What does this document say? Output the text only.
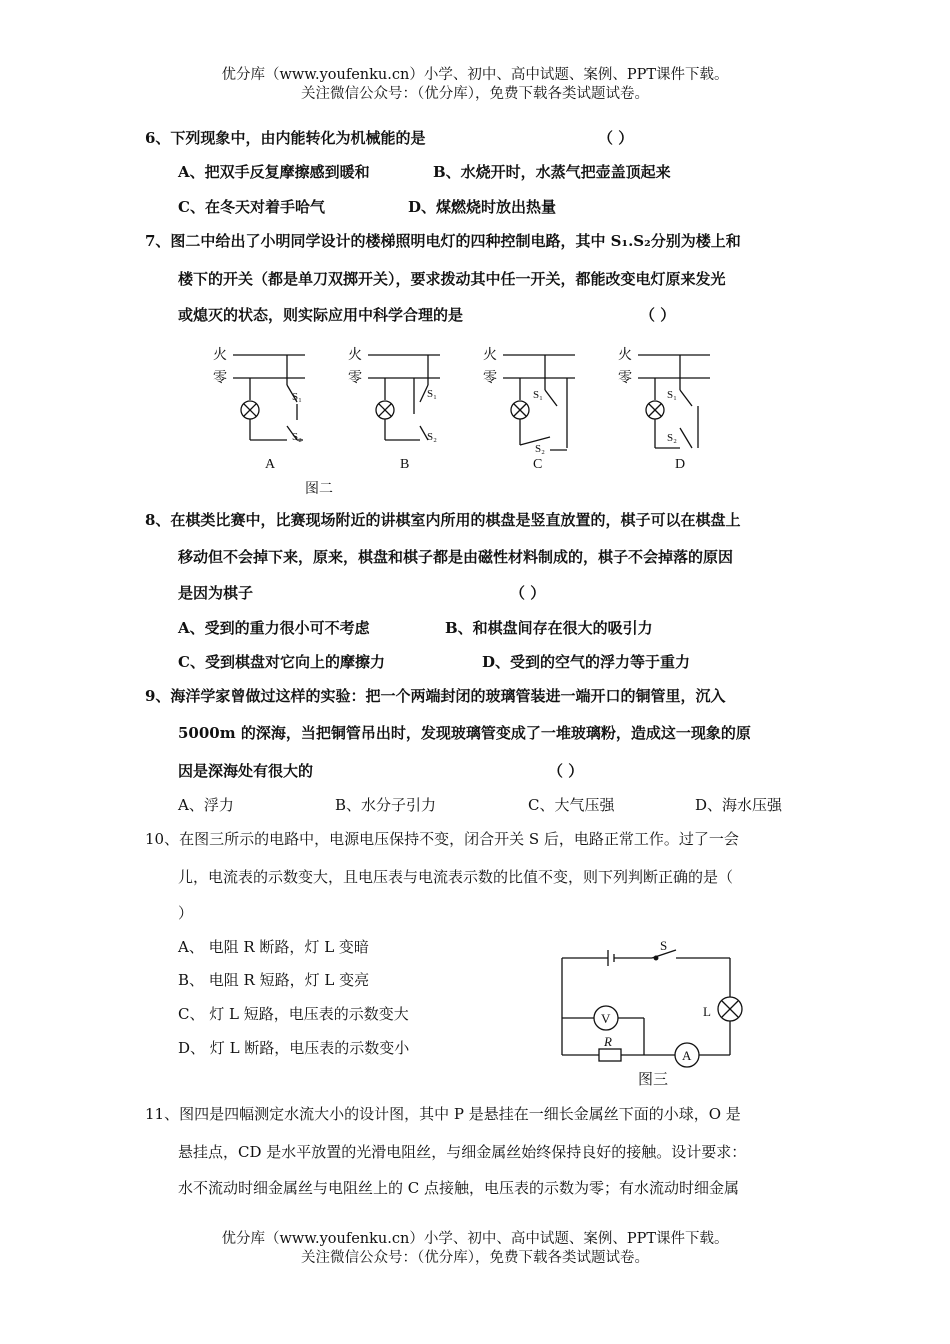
优分库（www.youfenku.cn）小学、初中、高中试题、案例、PPT课件下载。
关注微信公众号：（优分库），免费下载各类试题试卷。
6、下列现象中，由内能转化为机械能的是	（ ）
A、把双手反复摩擦感到暖和	B、水烧开时，水蒸气把壶盖顶起来
C、在冬天对着手哈气	D、煤燃烧时放出热量
7、图二中给出了小明同学设计的楼梯照明电灯的四种控制电路，其中 S₁.S₂分别为楼上和
楼下的开关（都是单刀双掷开关），要求拨动其中任一开关，都能改变电灯原来发光
或熄灭的状态，则实际应用中科学合理的是	（ ）
火
零
火
零
火
零
火
零
S₁
S₂
S₁
S₂
S₁
S₂
S₁
S₂
A	B	C	D
图二
8、在棋类比赛中，比赛现场附近的讲棋室内所用的棋盘是竖直放置的，棋子可以在棋盘上
移动但不会掉下来，原来，棋盘和棋子都是由磁性材料制成的，棋子不会掉落的原因
是因为棋子	（ ）
A、受到的重力很小可不考虑	B、和棋盘间存在很大的吸引力
C、受到棋盘对它向上的摩擦力	D、受到的空气的浮力等于重力
9、海洋学家曾做过这样的实验：把一个两端封闭的玻璃管装进一端开口的铜管里，沉入
5000m 的深海，当把铜管吊出时，发现玻璃管变成了一堆玻璃粉，造成这一现象的原
因是深海处有很大的	（ ）
A、浮力	B、水分子引力	C、大气压强	D、海水压强
10、在图三所示的电路中，电源电压保持不变，闭合开关 S 后，电路正常工作。过了一会
儿，电流表的示数变大，且电压表与电流表示数的比值不变，则下列判断正确的是（
）
A、 电阻 R 断路，灯 L 变暗
B、 电阻 R 短路，灯 L 变亮
C、 灯 L 短路，电压表的示数变大
D、 灯 L 断路，电压表的示数变小
S
L
V
A
R
图三
11、图四是四幅测定水流大小的设计图，其中 P 是悬挂在一细长金属丝下面的小球，O 是
悬挂点，CD 是水平放置的光滑电阻丝，与细金属丝始终保持良好的接触。设计要求：
水不流动时细金属丝与电阻丝上的 C 点接触，电压表的示数为零；有水流动时细金属
优分库（www.youfenku.cn）小学、初中、高中试题、案例、PPT课件下载。
关注微信公众号：（优分库），免费下载各类试题试卷。
